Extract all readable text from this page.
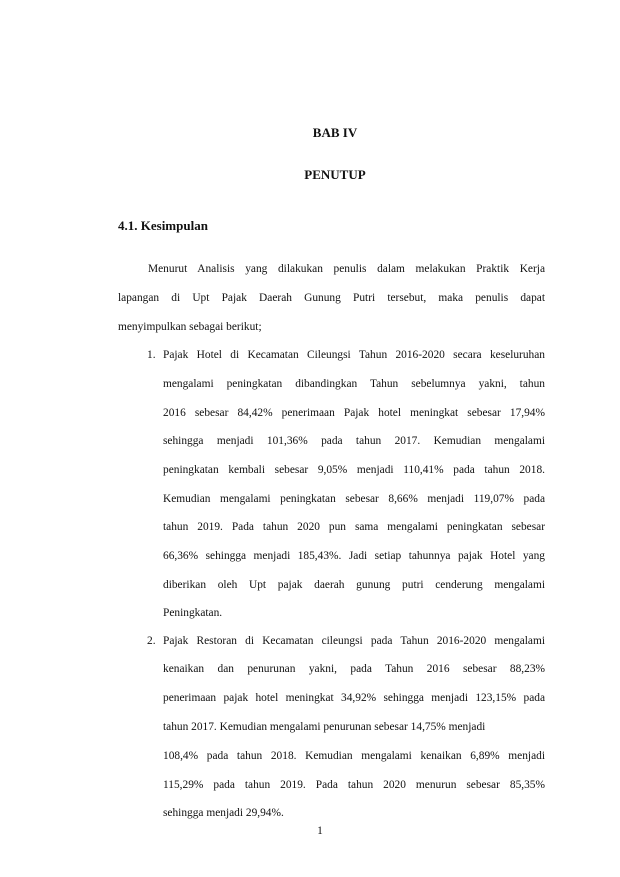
BAB IV
PENUTUP
4.1. Kesimpulan
Menurut Analisis yang dilakukan penulis dalam melakukan Praktik Kerja
lapangan di Upt Pajak Daerah Gunung Putri tersebut, maka penulis dapat
menyimpulkan sebagai berikut;
1. Pajak Hotel di Kecamatan Cileungsi Tahun 2016-2020 secara keseluruhan
mengalami peningkatan dibandingkan Tahun sebelumnya yakni, tahun
2016 sebesar 84,42% penerimaan Pajak hotel meningkat sebesar 17,94%
sehingga menjadi 101,36% pada tahun 2017. Kemudian mengalami
peningkatan kembali sebesar 9,05% menjadi 110,41% pada tahun 2018.
Kemudian mengalami peningkatan sebesar 8,66% menjadi 119,07% pada
tahun 2019. Pada tahun 2020 pun sama mengalami peningkatan sebesar
66,36% sehingga menjadi 185,43%. Jadi setiap tahunnya pajak Hotel yang
diberikan oleh Upt pajak daerah gunung putri cenderung mengalami
Peningkatan.
2. Pajak Restoran di Kecamatan cileungsi pada Tahun 2016-2020 mengalami
kenaikan dan penurunan yakni, pada Tahun 2016 sebesar 88,23%
penerimaan pajak hotel meningkat 34,92% sehingga menjadi 123,15% pada
tahun 2017. Kemudian mengalami penurunan sebesar 14,75% menjadi
108,4% pada tahun 2018. Kemudian mengalami kenaikan 6,89% menjadi
115,29% pada tahun 2019. Pada tahun 2020 menurun sebesar 85,35%
sehingga menjadi 29,94%.
1
